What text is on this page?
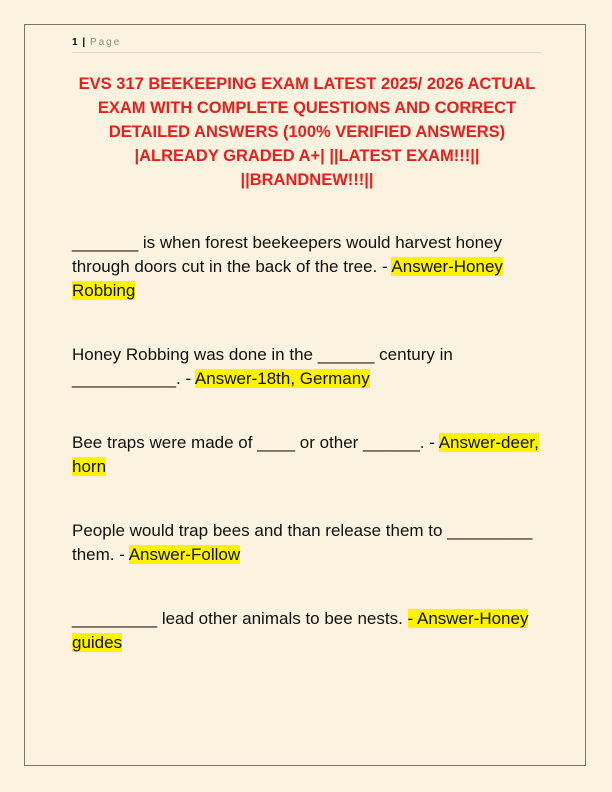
1 | Page
EVS 317 BEEKEEPING EXAM LATEST 2025/ 2026 ACTUAL EXAM WITH COMPLETE QUESTIONS AND CORRECT DETAILED ANSWERS (100% VERIFIED ANSWERS) |ALREADY GRADED A+| ||LATEST EXAM!!!|| ||BRANDNEW!!!||
_______ is when forest beekeepers would harvest honey through doors cut in the back of the tree. - Answer-Honey Robbing
Honey Robbing was done in the ______ century in ___________. - Answer-18th, Germany
Bee traps were made of ____ or other ______. - Answer-deer, horn
People would trap bees and than release them to _________ them. - Answer-Follow
_________ lead other animals to bee nests. - Answer-Honey guides
